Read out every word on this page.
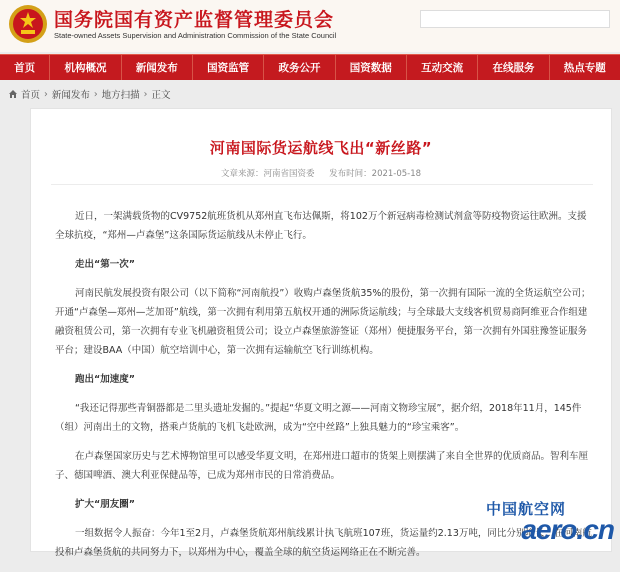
国务院国有资产监督管理委员会
State-owned Assets Supervision and Administration Commission of the State Council
首页	机构概况	新闻发布	国资监管	政务公开	国资数据	互动交流	在线服务	热点专题
首页 › 新闻发布 › 地方扫描 › 正文
河南国际货运航线飞出“新丝路”
文章来源：河南省国资委 发布时间：2021-05-18

近日，一架满载货物的CV9752航班货机从郑州直飞布达佩斯，将102万个新冠病毒检测试剂盒等防疫物资运往欧洲。支援全球抗疫，“郑州—卢森堡”这条国际货运航线从未停止飞行。

走出“第一次”

河南民航发展投资有限公司（以下简称“河南航投”）收购卢森堡货航35%的股份，第一次拥有国际一流的全货运航空公司；开通“卢森堡—郑州—芝加哥”航线，第一次拥有利用第五航权开通的洲际货运航线；与全球最大支线客机贸易商阿维亚合作组建融资租赁公司，第一次拥有专业飞机融资租赁公司；设立卢森堡旅游签证（郑州）便捷服务平台，第一次拥有外国驻豫签证服务平台；建设BAA（中国）航空培训中心，第一次拥有运输航空飞行训练机构。

跑出“加速度”

“我还记得那些青铜器都是二里头遗址发掘的。”提起“华夏文明之源——河南文物珍宝展”，据介绍，2018年11月，145件（组）河南出土的文物，搭乘卢货航的飞机飞赴欧洲，成为“空中丝路”上独具魅力的“珍宝乘客”。

在卢森堡国家历史与艺术博物馆里可以感受华夏文明，在郑州进口超市的货架上则摆满了来自全世界的优质商品。智利车厘子、德国啤酒、澳大利亚保健品等，已成为郑州市民的日常消费品。

扩大“朋友圈”

一组数据令人振奋：今年1至2月，卢森堡货航郑州航线累计执飞航班107班，货运量约2.13万吨，同比分别增长…在河南航投和卢森堡货航的共同努力下，以郑州为中心，覆盖全球的航空货运网络正在不断完善。

中国航空网
aero.cn
